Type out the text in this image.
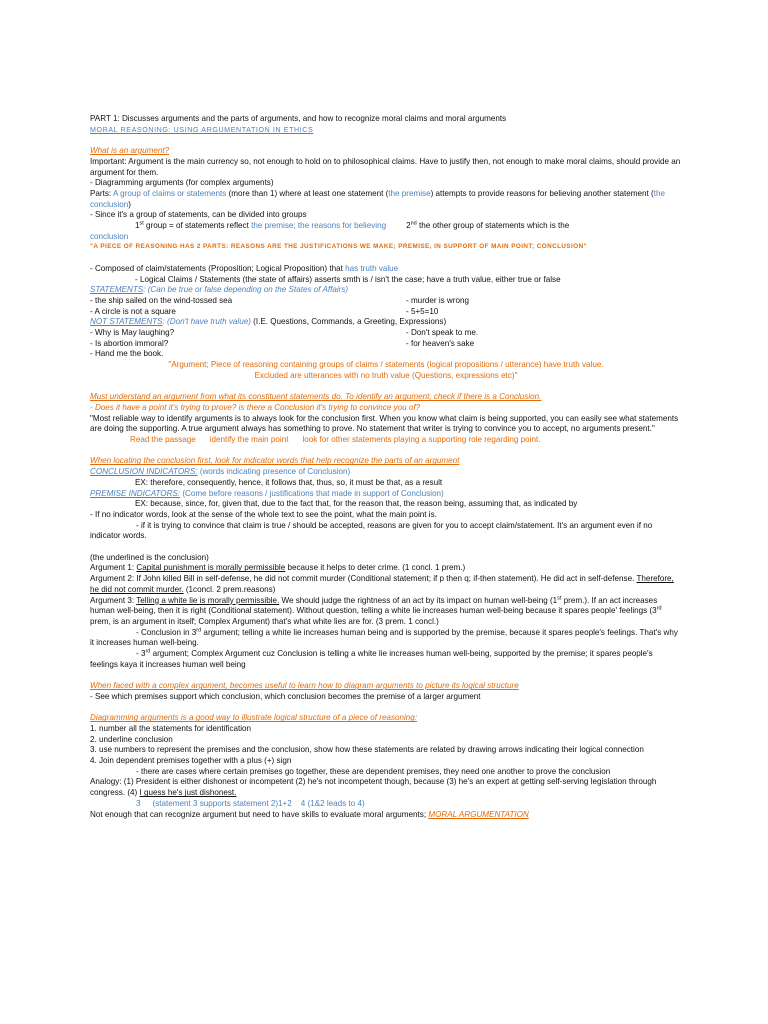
PART 1: Discusses arguments and the parts of arguments, and how to recognize moral claims and moral arguments
MORAL REASONING: USING ARGUMENTATION IN ETHICS
What is an argument?
Important: Argument is the main currency so, not enough to hold on to philosophical claims. Have to justify then, not enough to make moral claims, should provide an argument for them.
- Diagramming arguments (for complex arguments)
Parts: A group of claims or statements (more than 1) where at least one statement (the premise) attempts to provide reasons for believing another statement (the conclusion)
- Since it's a group of statements, can be divided into groups
1st group = of statements reflect the premise; the reasons for believing 2nd the other group of statements which is the
conclusion
"A PIECE OF REASONING HAS 2 PARTS: REASONS ARE THE JUSTIFICATIONS WE MAKE; PREMISE, IN SUPPORT OF MAIN POINT; CONCLUSION"
- Composed of claim/statements (Proposition; Logical Proposition) that has truth value
- Logical Claims / Statements (the state of affairs) asserts smth is / isn't the case; have a truth value, either true or false
STATEMENTS: (Can be true or false depending on the States of Affairs)
- the ship sailed on the wind-tossed sea	- murder is wrong
- A circle is not a square	- 5+5=10
NOT STATEMENTS: (Don't have truth value) (I.E. Questions, Commands, a Greeting, Expressions)
- Why is May laughing?	- Don't speak to me.
- Is abortion immoral?	- for heaven's sake
- Hand me the book.
"Argument; Piece of reasoning containing groups of claims / statements (logical propositions / utterance) have truth value.
Excluded are utterances with no truth value (Questions, expressions etc)"
Must understand an argument from what its constituent statements do. To identify an argument, check if there is a Conclusion.
- Does it have a point it's trying to prove? is there a Conclusion it's trying to convince you of?
"Most reliable way to identify arguments is to always look for the conclusion first. When you know what claim is being supported, you can easily see what statements are doing the supporting. A true argument always has something to prove. No statement that writer is trying to convince you to accept, no arguments present."
Read the passage identify the main point look for other statements playing a supporting role regarding point.
When locating the conclusion first, look for indicator words that help recognize the parts of an argument
CONCLUSION INDICATORS: (words indicating presence of Conclusion)
EX: therefore, consequently, hence, it follows that, thus, so, it must be that, as a result
PREMISE INDICATORS: (Come before reasons / justifications that made in support of Conclusion)
EX: because, since, for, given that, due to the fact that, for the reason that, the reason being, assuming that, as indicated by
- If no indicator words, look at the sense of the whole text to see the point, what the main point is.
- if it is trying to convince that claim is true / should be accepted, reasons are given for you to accept claim/statement. It's an argument even if no indicator words.
(the underlined is the conclusion)
Argument 1: Capital punishment is morally permissible because it helps to deter crime. (1 concl. 1 prem.)
Argument 2: If John killed Bill in self-defense, he did not commit murder (Conditional statement; if p then q; if-then statement). He did act in self-defense. Therefore, he did not commit murder. (1concl. 2 prem.reasons)
Argument 3: Telling a white lie is morally permissible. We should judge the rightness of an act by its impact on human well-being (1st prem.). If an act increases human well-being, then it is right (Conditional statement). Without question, telling a white lie increases human well-being because it spares people' feelings (3rd prem, is an argument in itself; Complex Argument) that's what white lies are for. (3 prem. 1 concl.)
- Conclusion in 3rd argument; telling a white lie increases human being and is supported by the premise, because it spares people's feelings. That's why it increases human well-being.
- 3rd argument; Complex Argument cuz Conclusion is telling a white lie increases human well-being, supported by the premise; it spares people's feelings kaya it increases human well being
When faced with a complex argument, becomes useful to learn how to diagram arguments to picture its logical structure
- See which premises support which conclusion, which conclusion becomes the premise of a larger argument
Diagramming arguments is a good way to illustrate logical structure of a piece of reasoning:
1. number all the statements for identification
2. underline conclusion
3. use numbers to represent the premises and the conclusion, show how these statements are related by drawing arrows indicating their logical connection
4. Join dependent premises together with a plus (+) sign
- there are cases where certain premises go together, these are dependent premises, they need one another to prove the conclusion
Analogy: (1) President is either dishonest or incompetent (2) he's not incompetent though, because (3) he's an expert at getting self-serving legislation through congress. (4) I guess he's just dishonest.
3 (statement 3 supports statement 2)1+2 4 (1&2 leads to 4)
Not enough that can recognize argument but need to have skills to evaluate moral arguments; MORAL ARGUMENTATION
